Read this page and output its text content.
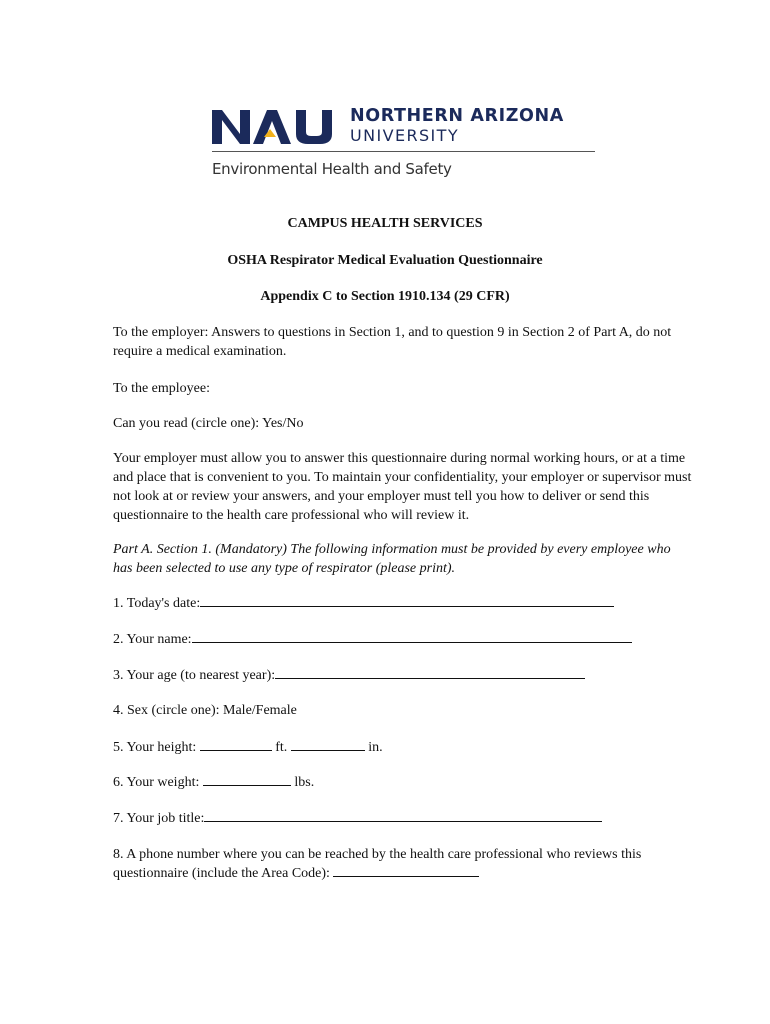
NORTHERN ARIZONA
UNIVERSITY
Environmental Health and Safety
CAMPUS HEALTH SERVICES
OSHA Respirator Medical Evaluation Questionnaire
Appendix C to Section 1910.134 (29 CFR)
To the employer: Answers to questions in Section 1, and to question 9 in Section 2 of Part A, do not require a medical examination.
To the employee:
Can you read (circle one): Yes/No
Your employer must allow you to answer this questionnaire during normal working hours, or at a time and place that is convenient to you. To maintain your confidentiality, your employer or supervisor must not look at or review your answers, and your employer must tell you how to deliver or send this questionnaire to the health care professional who will review it.
Part A. Section 1. (Mandatory) The following information must be provided by every employee who has been selected to use any type of respirator (please print).
1. Today's date:
2. Your name:
3. Your age (to nearest year):
4. Sex (circle one): Male/Female
5. Your height:	ft.	in.
6. Your weight:	lbs.
7. Your job title:
8. A phone number where you can be reached by the health care professional who reviews this
questionnaire (include the Area Code):
